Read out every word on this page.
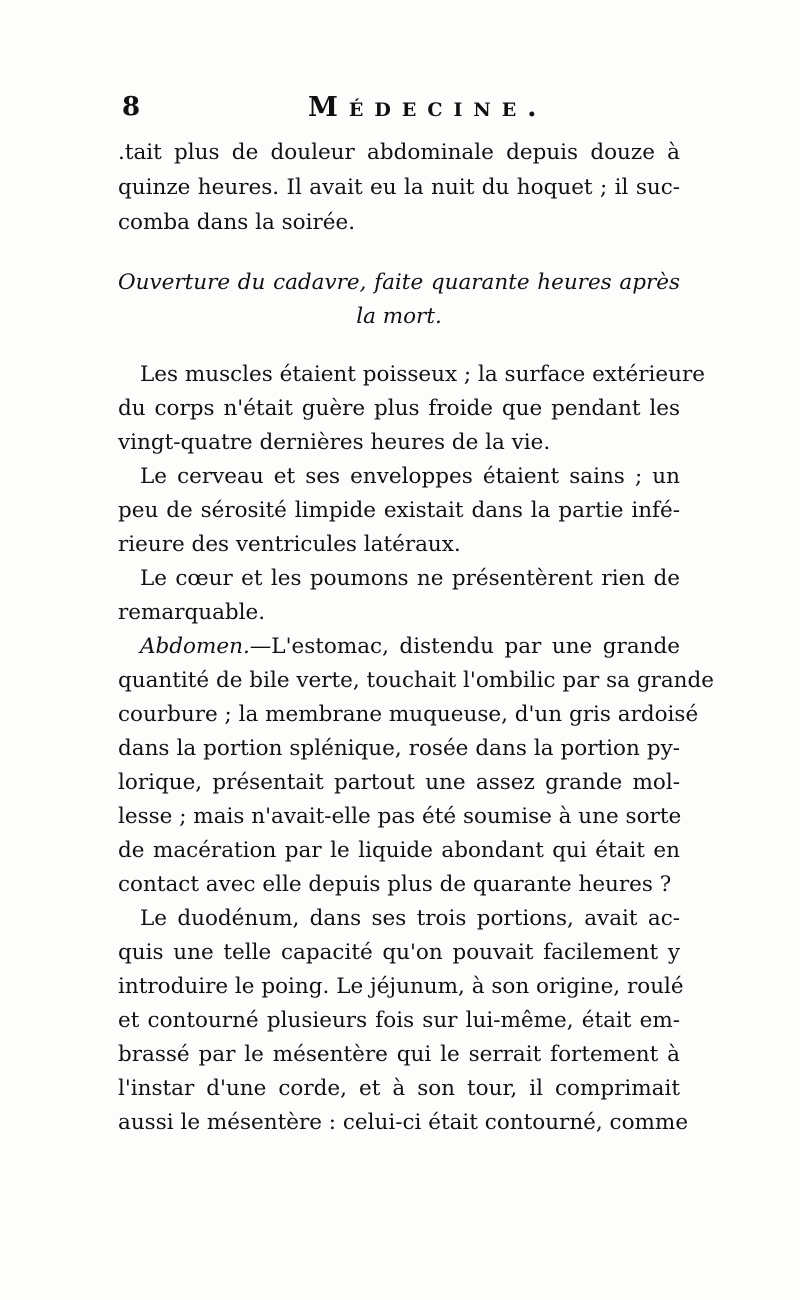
8	Médecine.
.tait plus de douleur abdominale depuis douze à
quinze heures. Il avait eu la nuit du hoquet ; il suc-
comba dans la soirée.
Ouverture du cadavre, faite quarante heures après
la mort.
Les muscles étaient poisseux ; la surface extérieure
du corps n'était guère plus froide que pendant les
vingt-quatre dernières heures de la vie.
Le cerveau et ses enveloppes étaient sains ; un
peu de sérosité limpide existait dans la partie infé-
rieure des ventricules latéraux.
Le cœur et les poumons ne présentèrent rien de
remarquable.
Abdomen.—L'estomac, distendu par une grande
quantité de bile verte, touchait l'ombilic par sa grande
courbure ; la membrane muqueuse, d'un gris ardoisé
dans la portion splénique, rosée dans la portion py-
lorique, présentait partout une assez grande mol-
lesse ; mais n'avait-elle pas été soumise à une sorte
de macération par le liquide abondant qui était en
contact avec elle depuis plus de quarante heures ?
Le duodénum, dans ses trois portions, avait ac-
quis une telle capacité qu'on pouvait facilement y
introduire le poing. Le jéjunum, à son origine, roulé
et contourné plusieurs fois sur lui-même, était em-
brassé par le mésentère qui le serrait fortement à
l'instar d'une corde, et à son tour, il comprimait
aussi le mésentère : celui-ci était contourné, comme
